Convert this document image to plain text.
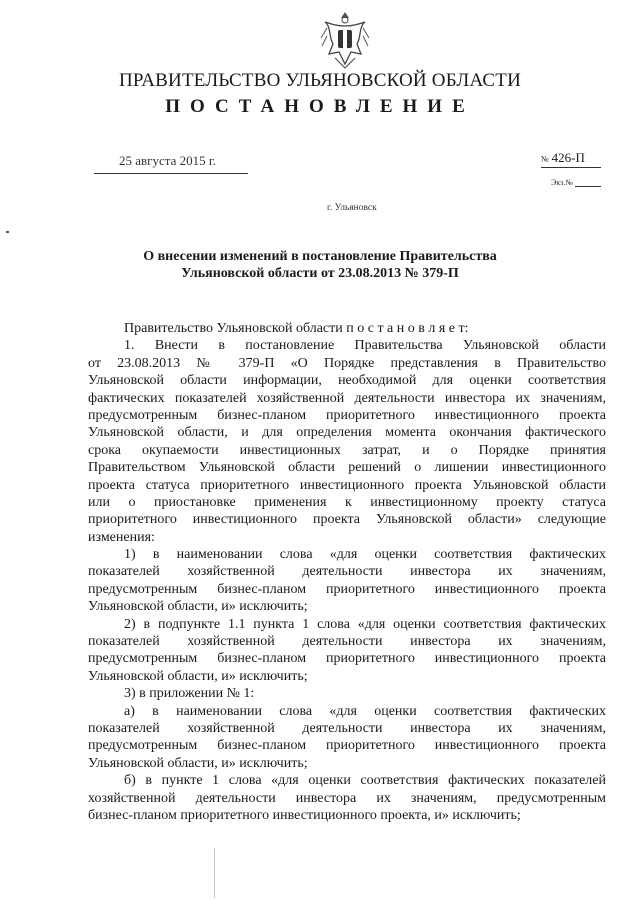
ПРАВИТЕЛЬСТВО УЛЬЯНОВСКОЙ ОБЛАСТИ
ПОСТАНОВЛЕНИЕ
25 августа 2015 г.	№ 426-П
Экз.№
г. Ульяновск
О внесении изменений в постановление Правительства
Ульяновской области от 23.08.2013 № 379-П
Правительство Ульяновской области п о с т а н о в л я е т:
1. Внести в постановление Правительства Ульяновской области
от 23.08.2013 № 379-П «О Порядке представления в Правительство
Ульяновской области информации, необходимой для оценки соответствия
фактических показателей хозяйственной деятельности инвестора их значениям,
предусмотренным бизнес-планом приоритетного инвестиционного проекта
Ульяновской области, и для определения момента окончания фактического
срока окупаемости инвестиционных затрат, и о Порядке принятия
Правительством Ульяновской области решений о лишении инвестиционного
проекта статуса приоритетного инвестиционного проекта Ульяновской области
или о приостановке применения к инвестиционному проекту статуса
приоритетного инвестиционного проекта Ульяновской области» следующие
изменения:
1) в наименовании слова «для оценки соответствия фактических
показателей хозяйственной деятельности инвестора их значениям,
предусмотренным бизнес-планом приоритетного инвестиционного проекта
Ульяновской области, и» исключить;
2) в подпункте 1.1 пункта 1 слова «для оценки соответствия фактических
показателей хозяйственной деятельности инвестора их значениям,
предусмотренным бизнес-планом приоритетного инвестиционного проекта
Ульяновской области, и» исключить;
3) в приложении № 1:
а) в наименовании слова «для оценки соответствия фактических
показателей хозяйственной деятельности инвестора их значениям,
предусмотренным бизнес-планом приоритетного инвестиционного проекта
Ульяновской области, и» исключить;
б) в пункте 1 слова «для оценки соответствия фактических показателей
хозяйственной деятельности инвестора их значениям, предусмотренным
бизнес-планом приоритетного инвестиционного проекта, и» исключить;
